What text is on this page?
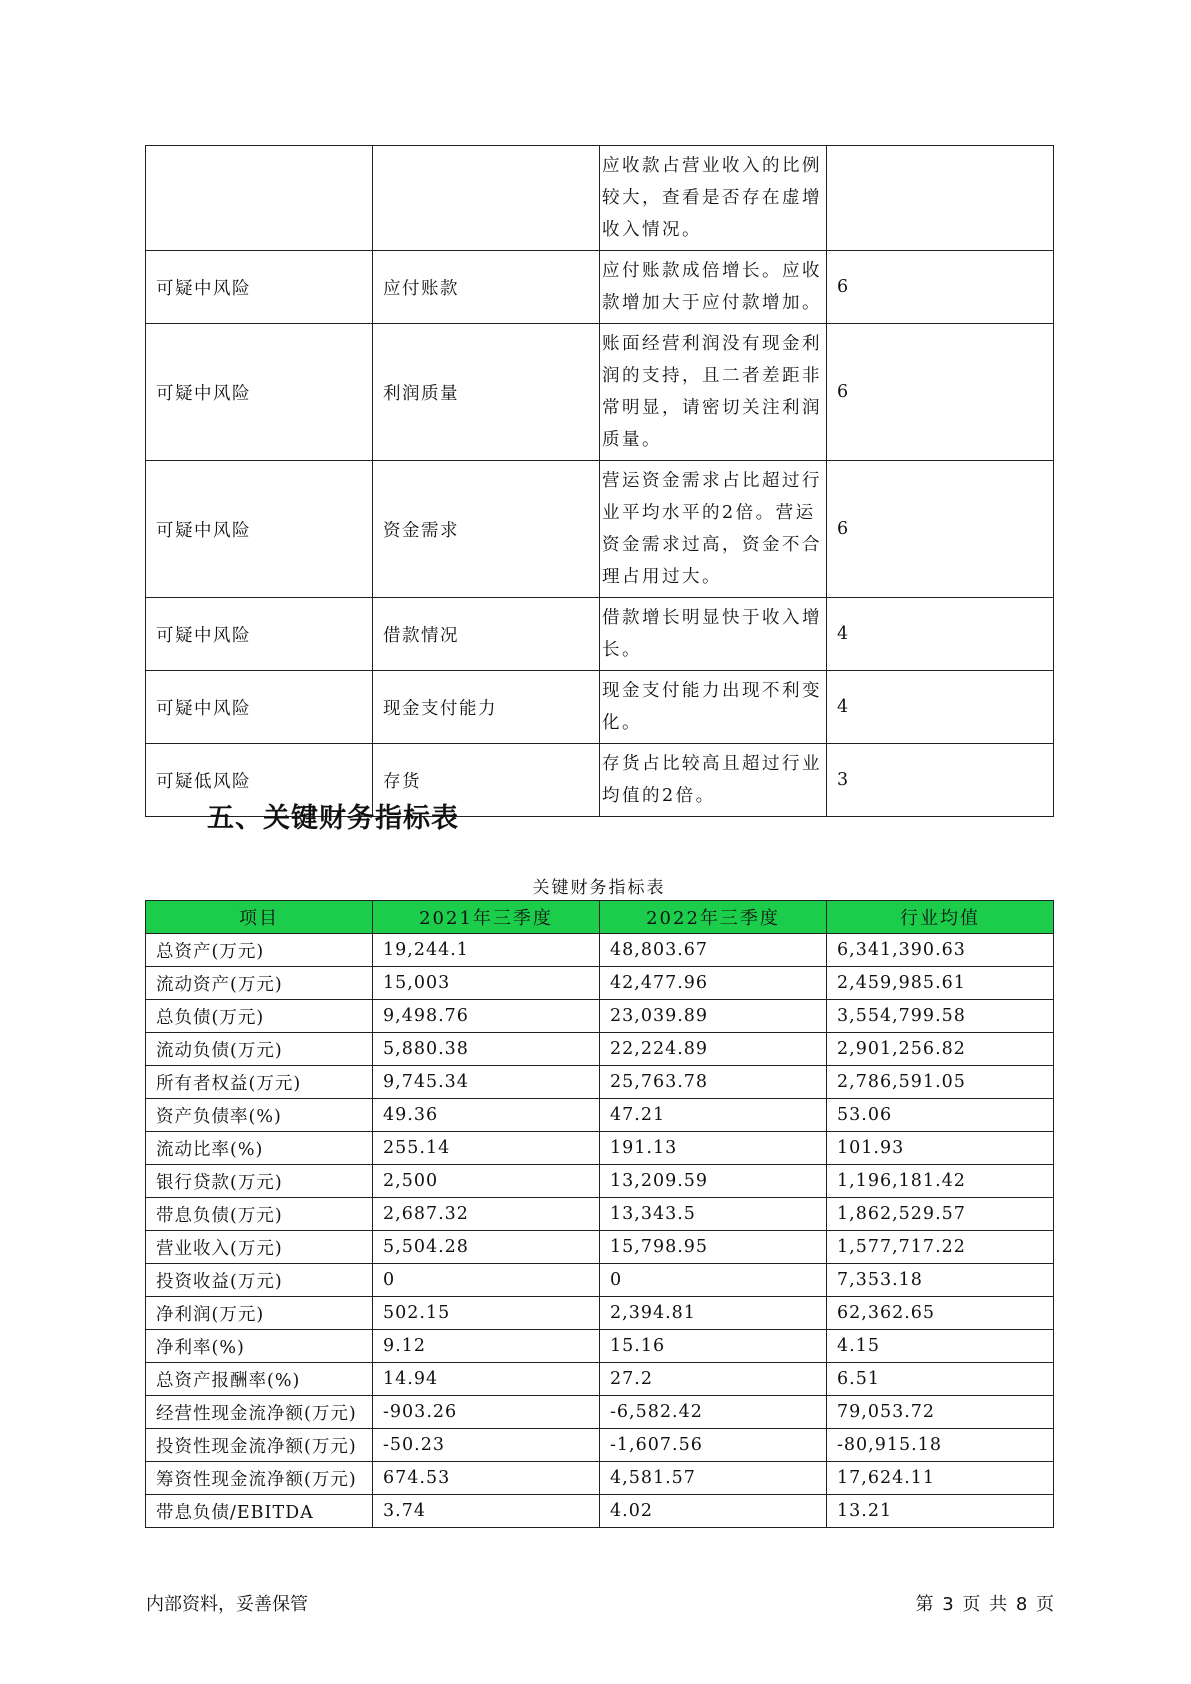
		应收款占营业收入的比例较大，查看是否存在虚增收入情况。	
可疑中风险	应付账款	应付账款成倍增长。应收款增加大于应付款增加。	6
可疑中风险	利润质量	账面经营利润没有现金利润的支持，且二者差距非常明显，请密切关注利润质量。	6
可疑中风险	资金需求	营运资金需求占比超过行业平均水平的2倍。营运资金需求过高，资金不合理占用过大。	6
可疑中风险	借款情况	借款增长明显快于收入增长。	4
可疑中风险	现金支付能力	现金支付能力出现不利变化。	4
可疑低风险	存货	存货占比较高且超过行业均值的2倍。	3
五、关键财务指标表
关键财务指标表
项目	2021年三季度	2022年三季度	行业均值
总资产(万元)	19,244.1	48,803.67	6,341,390.63
流动资产(万元)	15,003	42,477.96	2,459,985.61
总负债(万元)	9,498.76	23,039.89	3,554,799.58
流动负债(万元)	5,880.38	22,224.89	2,901,256.82
所有者权益(万元)	9,745.34	25,763.78	2,786,591.05
资产负债率(%)	49.36	47.21	53.06
流动比率(%)	255.14	191.13	101.93
银行贷款(万元)	2,500	13,209.59	1,196,181.42
带息负债(万元)	2,687.32	13,343.5	1,862,529.57
营业收入(万元)	5,504.28	15,798.95	1,577,717.22
投资收益(万元)	0	0	7,353.18
净利润(万元)	502.15	2,394.81	62,362.65
净利率(%)	9.12	15.16	4.15
总资产报酬率(%)	14.94	27.2	6.51
经营性现金流净额(万元)	-903.26	-6,582.42	79,053.72
投资性现金流净额(万元)	-50.23	-1,607.56	-80,915.18
筹资性现金流净额(万元)	674.53	4,581.57	17,624.11
带息负债/EBITDA	3.74	4.02	13.21
内部资料，妥善保管	第 3 页 共 8 页
